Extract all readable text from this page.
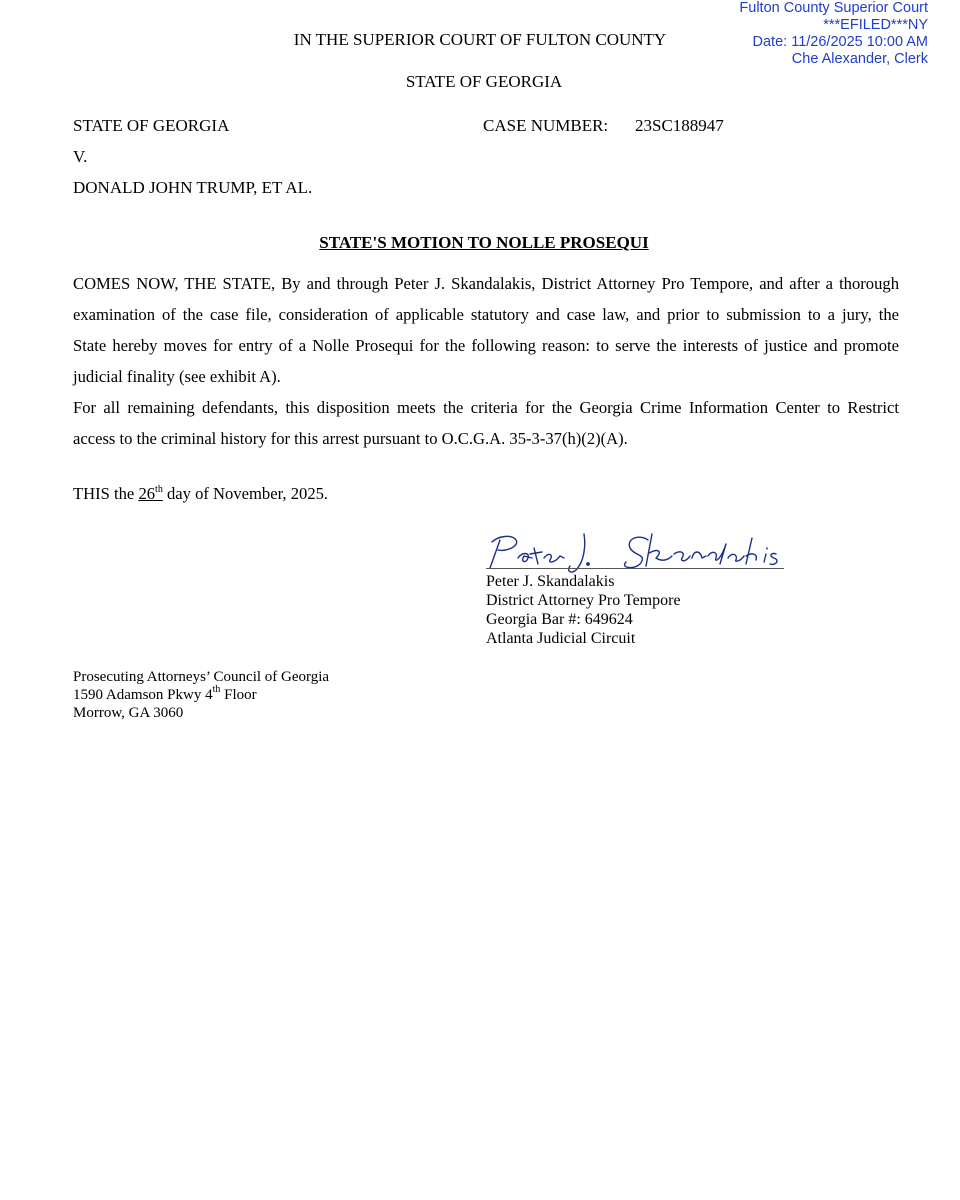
Fulton County Superior Court
***EFILED***NY
Date: 11/26/2025 10:00 AM
Che Alexander, Clerk
IN THE SUPERIOR COURT OF FULTON COUNTY
STATE OF GEORGIA
STATE OF GEORGIA	CASE NUMBER: 23SC188947
V.
DONALD JOHN TRUMP, ET AL.
STATE'S MOTION TO NOLLE PROSEQUI

COMES NOW, THE STATE, By and through Peter J. Skandalakis, District Attorney Pro Tempore, and after a thorough

examination of the case file, consideration of applicable statutory and case law, and prior to submission to a jury, the

State hereby moves for entry of a Nolle Prosequi for the following reason: to serve the interests of justice and promote

judicial finality (see exhibit A).

For all remaining defendants, this disposition meets the criteria for the Georgia Crime Information Center to Restrict

access to the criminal history for this arrest pursuant to O.C.G.A. 35-3-37(h)(2)(A).

THIS the 26th day of November, 2025.
Peter J. Skandalakis
District Attorney Pro Tempore
Georgia Bar #: 649624
Atlanta Judicial Circuit
Prosecuting Attorneys’ Council of Georgia
1590 Adamson Pkwy 4th Floor
Morrow, GA 3060
